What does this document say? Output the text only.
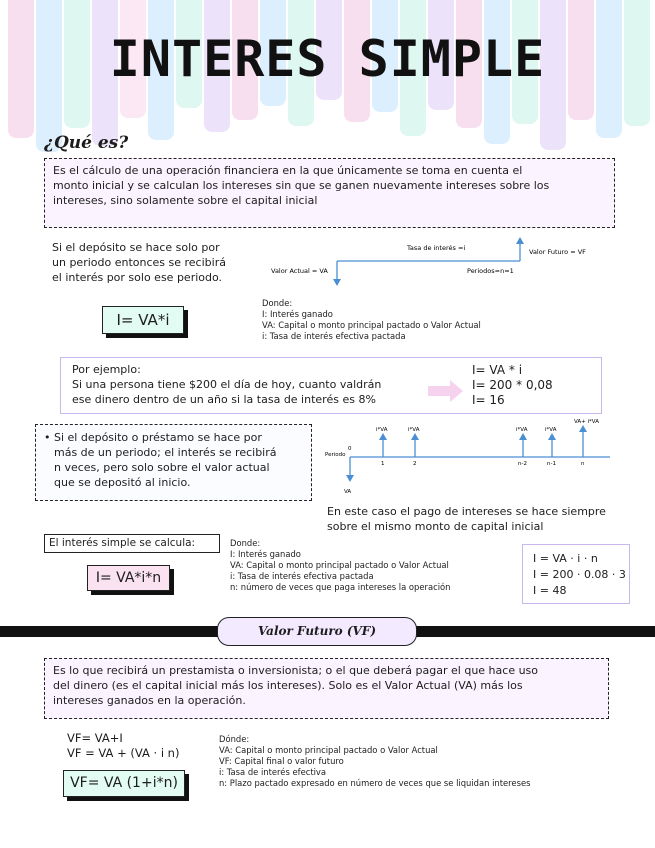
INTERES SIMPLE
¿Qué es?
Es el cálculo de una operación financiera en la que únicamente se toma en cuenta el
monto inicial y se calculan los intereses sin que se ganen nuevamente intereses sobre los
intereses, sino solamente sobre el capital inicial
Si el depósito se hace solo por
un periodo entonces se recibirá
el interés por solo ese periodo.
I= VA*i
Tasa de interés =i	Valor Futuro = VF
Valor Actual = VA	Periodos=n=1
Donde:
I: Interés ganado
VA: Capital o monto principal pactado o Valor Actual
i: Tasa de interés efectiva pactada
Por ejemplo:
Si una persona tiene $200 el día de hoy, cuanto valdrán
ese dinero dentro de un año si la tasa de interés es 8%
I= VA * i
I= 200 * 0,08
I= 16
• Si el depósito o préstamo se hace por
más de un periodo; el interés se recibirá
n veces, pero solo sobre el valor actual
que se depositó al inicio.
Periodo
0
VA
i*VA	i*VA	i*VA	i*VA
VA+ i*VA
1	2	n-2	n-1	n
En este caso el pago de intereses se hace siempre
sobre el mismo monto de capital inicial
El interés simple se calcula:
I= VA*i*n
Donde:
I: Interés ganado
VA: Capital o monto principal pactado o Valor Actual
i: Tasa de interés efectiva pactada
n: número de veces que paga intereses la operación
I = VA · i · n
I = 200 · 0.08 · 3
I = 48
Valor Futuro (VF)
Es lo que recibirá un prestamista o inversionista; o el que deberá pagar el que hace uso
del dinero (es el capital inicial más los intereses). Solo es el Valor Actual (VA) más los
intereses ganados en la operación.
VF= VA+I
VF = VA + (VA · i n)
VF= VA (1+i*n)
Dónde:
VA: Capital o monto principal pactado o Valor Actual
VF: Capital final o valor futuro
i: Tasa de interés efectiva
n: Plazo pactado expresado en número de veces que se liquidan intereses
